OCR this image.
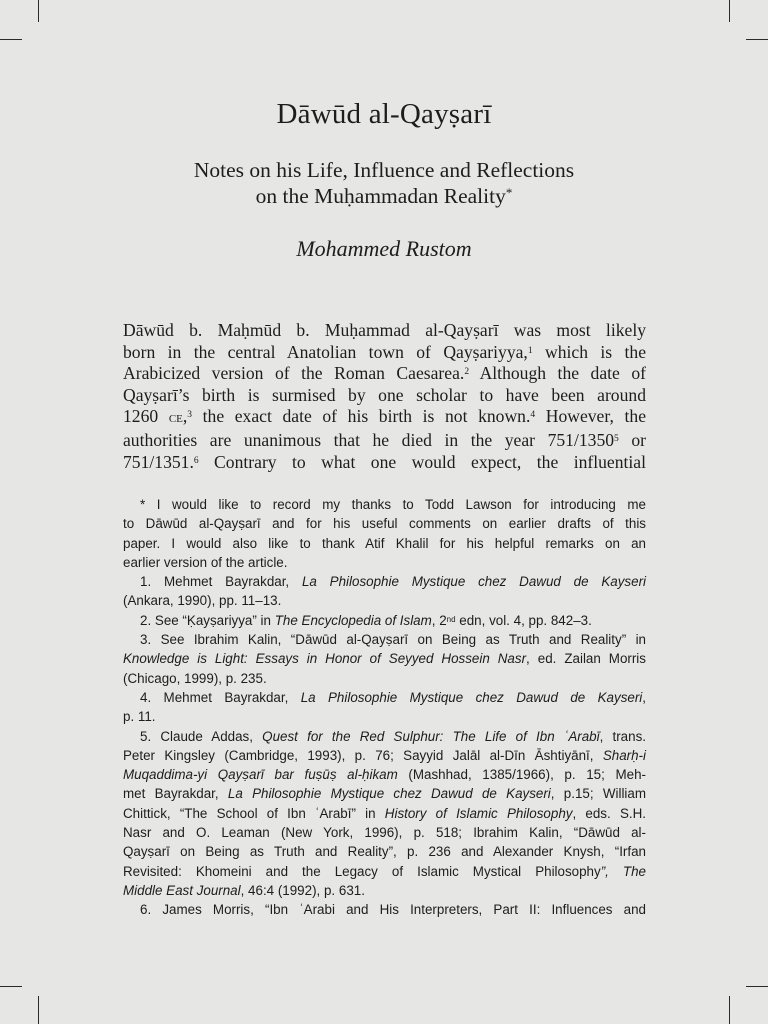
Dāwūd al-Qayṣarī
Notes on his Life, Influence and Reflections
on the Muḥammadan Reality*
Mohammed Rustom
Dāwūd b. Maḥmūd b. Muḥammad al-Qayṣarī was most likely
born in the central Anatolian town of Qayṣariyya,$^1$ which is the
Arabicized version of the Roman Caesarea.$^2$ Although the date of
Qayṣarī’s birth is surmised by one scholar to have been around
1260 ce,$^3$ the exact date of his birth is not known.$^4$ However, the
authorities are unanimous that he died in the year 751/1350$^5$ or
751/1351.$^6$ Contrary to what one would expect, the influential
* I would like to record my thanks to Todd Lawson for introducing me
to Dāwūd al-Qayṣarī and for his useful comments on earlier drafts of this
paper. I would also like to thank Atif Khalil for his helpful remarks on an
earlier version of the article.
1. Mehmet Bayrakdar, La Philosophie Mystique chez Dawud de Kayseri
(Ankara, 1990), pp. 11–13.
2. See “Ḳayṣariyya” in The Encyclopedia of Islam, 2nd edn, vol. 4, pp. 842–3.
3. See Ibrahim Kalin, “Dāwūd al-Qayṣarī on Being as Truth and Reality” in
Knowledge is Light: Essays in Honor of Seyyed Hossein Nasr, ed. Zailan Morris
(Chicago, 1999), p. 235.
4. Mehmet Bayrakdar, La Philosophie Mystique chez Dawud de Kayseri,
p. 11.
5. Claude Addas, Quest for the Red Sulphur: The Life of Ibn ʿArabī, trans.
Peter Kingsley (Cambridge, 1993), p. 76; Sayyid Jalāl al-Dīn Āshtiyānī, Sharḥ-i
Muqaddima-yi Qayṣarī bar fuṣūṣ al-ḥikam (Mashhad, 1385/1966), p. 15; Meh-
met Bayrakdar, La Philosophie Mystique chez Dawud de Kayseri, p.15; William
Chittick, “The School of Ibn ʿArabī” in History of Islamic Philosophy, eds. S.H.
Nasr and O. Leaman (New York, 1996), p. 518; Ibrahim Kalin, “Dāwūd al-
Qayṣarī on Being as Truth and Reality”, p. 236 and Alexander Knysh, “Irfan
Revisited: Khomeini and the Legacy of Islamic Mystical Philosophy”, The
Middle East Journal, 46:4 (1992), p. 631.
6. James Morris, “Ibn ʿArabi and His Interpreters, Part II: Influences and
